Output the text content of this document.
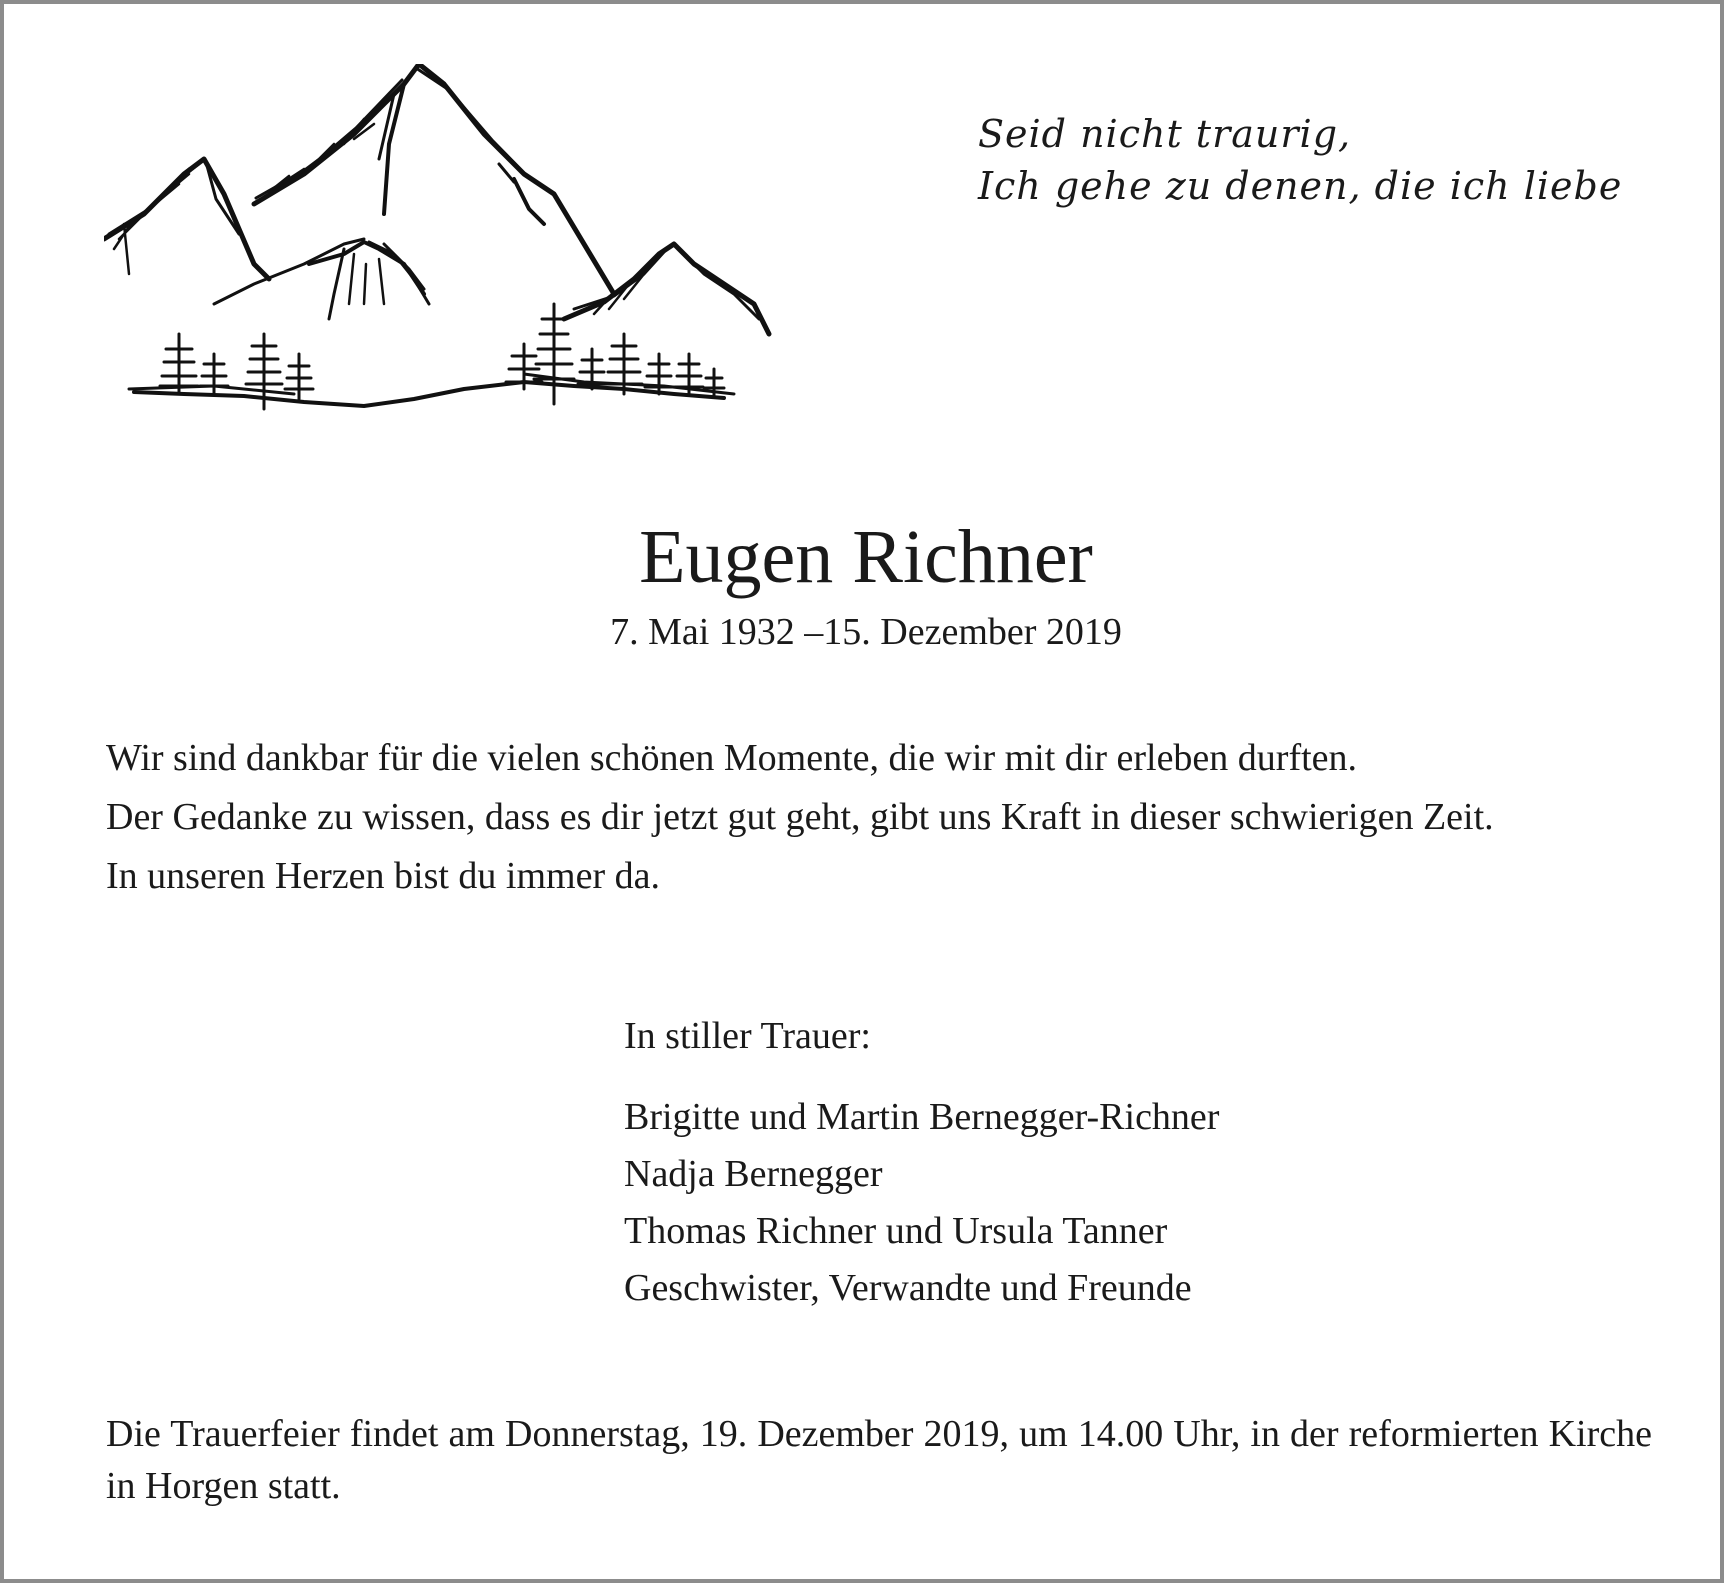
Seid nicht traurig,
Ich gehe zu denen, die ich liebe
Eugen Richner
7. Mai 1932 –15. Dezember 2019

Wir sind dankbar für die vielen schönen Momente, die wir mit dir erleben durften.

Der Gedanke zu wissen, dass es dir jetzt gut geht, gibt uns Kraft in dieser schwierigen Zeit.

In unseren Herzen bist du immer da.

In stiller Trauer:
Brigitte und Martin Bernegger-Richner
Nadja Bernegger
Thomas Richner und Ursula Tanner
Geschwister, Verwandte und Freunde
Die Trauerfeier findet am Donnerstag, 19. Dezember 2019, um 14.00 Uhr, in der reformierten Kirche in Horgen statt.
